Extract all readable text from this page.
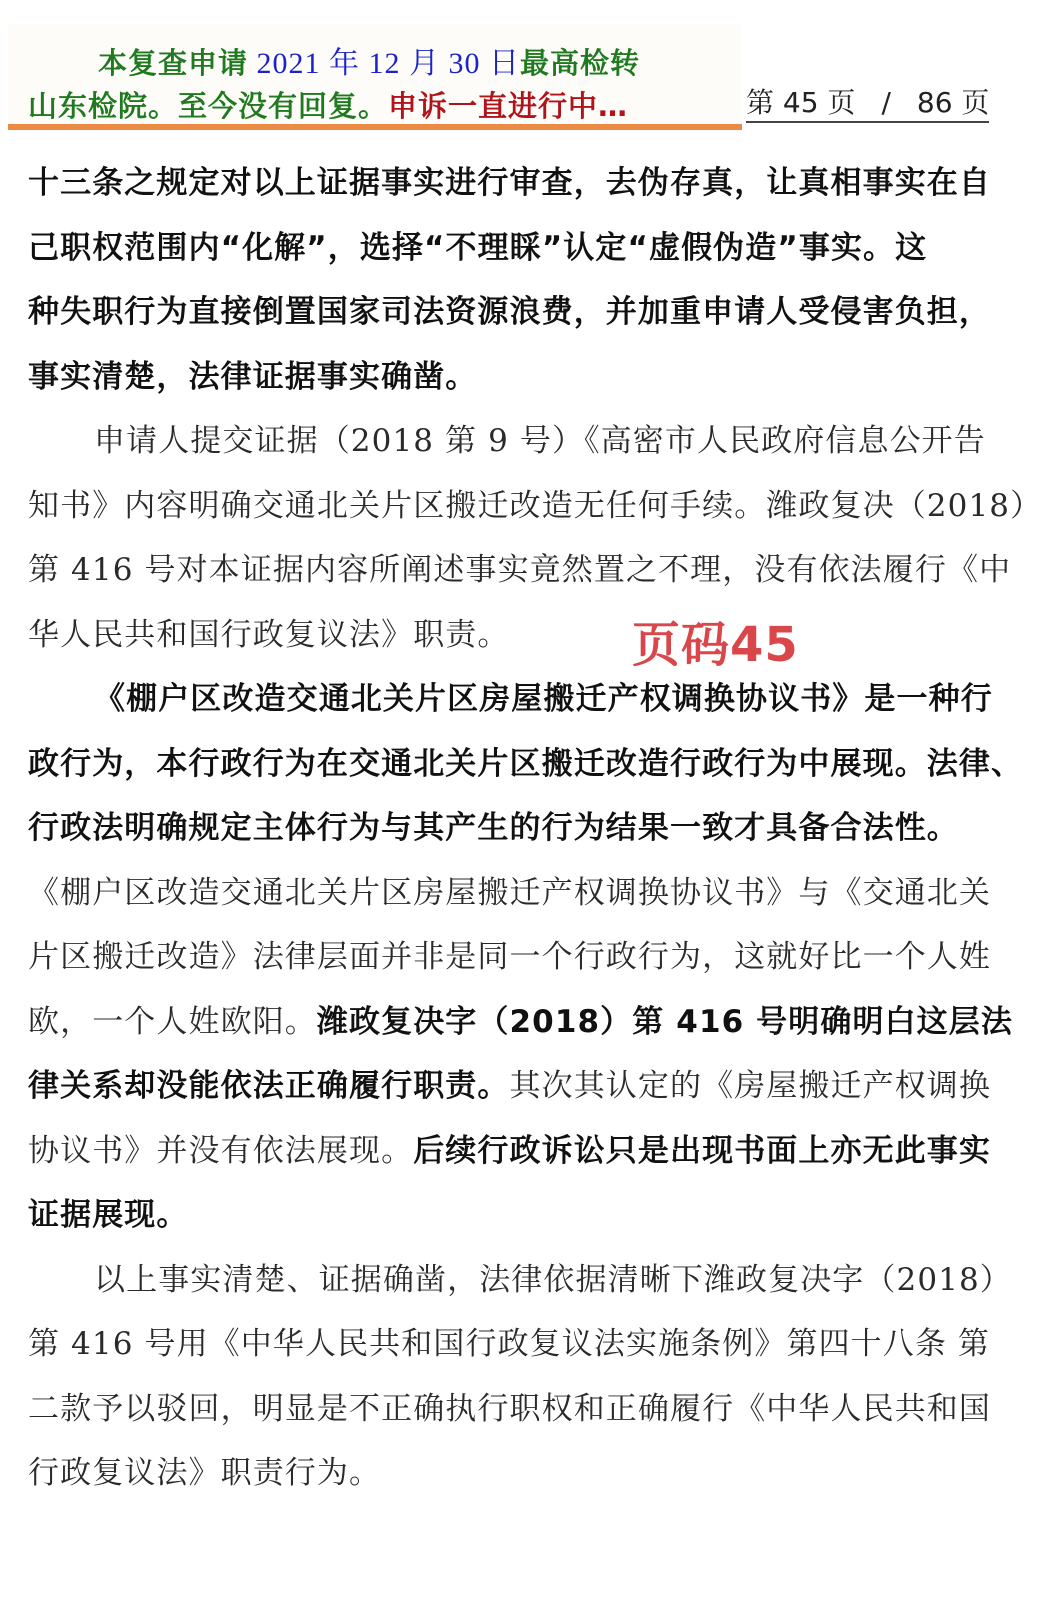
本复查申请 2021 年 12 月 30 日最高检转
山东检院。至今没有回复。申诉一直进行中…	第 45 页 / 86 页
十三条之规定对以上证据事实进行审查，去伪存真，让真相事实在自
己职权范围内“化解”，选择“不理睬”认定“虚假伪造”事实。这
种失职行为直接倒置国家司法资源浪费，并加重申请人受侵害负担，
事实清楚，法律证据事实确凿。
申请人提交证据（2018 第 9 号）《高密市人民政府信息公开告
知书》内容明确交通北关片区搬迁改造无任何手续。潍政复决（2018）
第 416 号对本证据内容所阐述事实竟然置之不理，没有依法履行《中
华人民共和国行政复议法》职责。
《棚户区改造交通北关片区房屋搬迁产权调换协议书》是一种行
政行为，本行政行为在交通北关片区搬迁改造行政行为中展现。法律、
行政法明确规定主体行为与其产生的行为结果一致才具备合法性。
《棚户区改造交通北关片区房屋搬迁产权调换协议书》与《交通北关
片区搬迁改造》法律层面并非是同一个行政行为，这就好比一个人姓
欧，一个人姓欧阳。潍政复决字（2018）第 416 号明确明白这层法
律关系却没能依法正确履行职责。其次其认定的《房屋搬迁产权调换
协议书》并没有依法展现。后续行政诉讼只是出现书面上亦无此事实
证据展现。
以上事实清楚、证据确凿，法律依据清晰下潍政复决字（2018）
第 416 号用《中华人民共和国行政复议法实施条例》第四十八条 第
二款予以驳回，明显是不正确执行职权和正确履行《中华人民共和国
行政复议法》职责行为。
页码45
